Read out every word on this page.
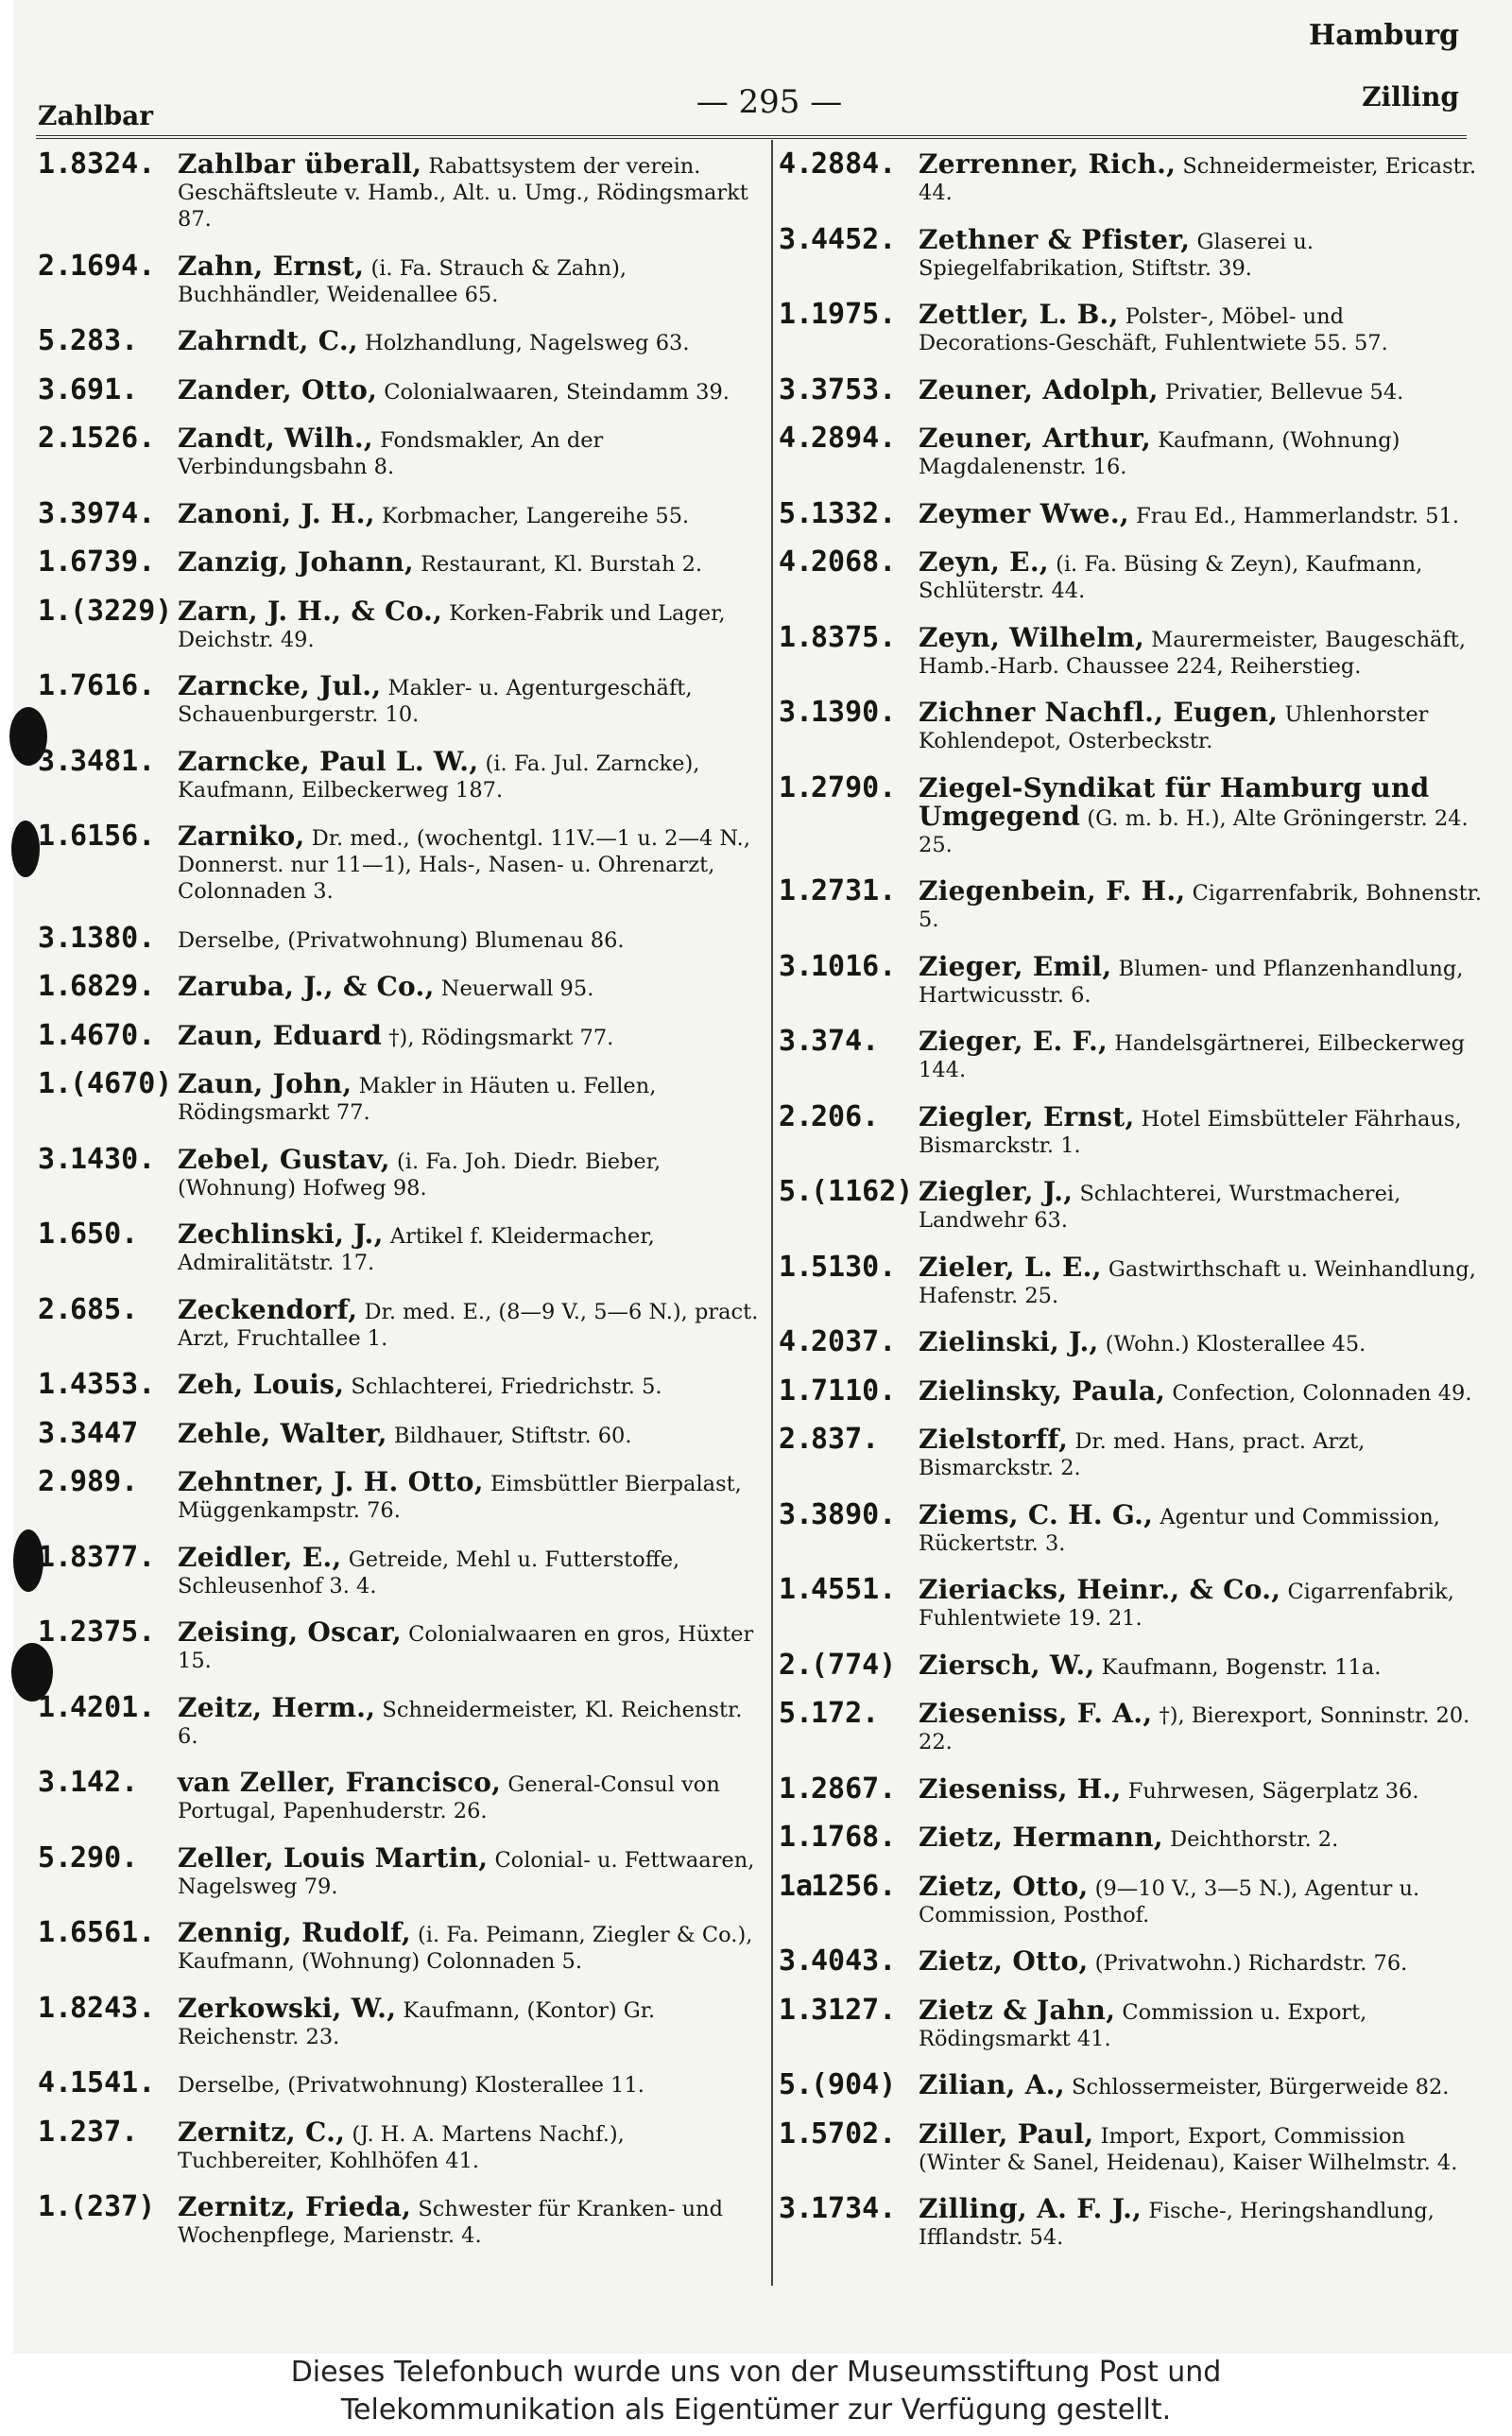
Zahlbar	— 295 —
Hamburg
Zilling
1.8324. Zahlbar überall, Rabattsystem der verein. Geschäftsleute v. Hamb., Alt. u. Umg., Rödingsmarkt 87.
2.1694. Zahn, Ernst, (i. Fa. Strauch & Zahn), Buchhändler, Weidenallee 65.
5.283. Zahrndt, C., Holzhandlung, Nagelsweg 63.
3.691. Zander, Otto, Colonialwaaren, Steindamm 39.
2.1526. Zandt, Wilh., Fondsmakler, An der Verbindungsbahn 8.
3.3974. Zanoni, J. H., Korbmacher, Langereihe 55.
1.6739. Zanzig, Johann, Restaurant, Kl. Burstah 2.
1.(3229) Zarn, J. H., & Co., Korken-Fabrik und Lager, Deichstr. 49.
1.7616. Zarncke, Jul., Makler- u. Agenturgeschäft, Schauenburgerstr. 10.
3.3481. Zarncke, Paul L. W., (i. Fa. Jul. Zarncke), Kaufmann, Eilbeckerweg 187.
1.6156. Zarniko, Dr. med., (wochentgl. 11V.—1 u. 2—4 N., Donnerst. nur 11—1), Hals-, Nasen- u. Ohrenarzt, Colonnaden 3.
3.1380. Derselbe, (Privatwohnung) Blumenau 86.
1.6829. Zaruba, J., & Co., Neuerwall 95.
1.4670. Zaun, Eduard †), Rödingsmarkt 77.
1.(4670) Zaun, John, Makler in Häuten u. Fellen, Rödingsmarkt 77.
3.1430. Zebel, Gustav, (i. Fa. Joh. Diedr. Bieber, (Wohnung) Hofweg 98.
1.650. Zechlinski, J., Artikel f. Kleidermacher, Admiralitätstr. 17.
2.685. Zeckendorf, Dr. med. E., (8—9 V., 5—6 N.), pract. Arzt, Fruchtallee 1.
1.4353. Zeh, Louis, Schlachterei, Friedrichstr. 5.
3.3447 Zehle, Walter, Bildhauer, Stiftstr. 60.
2.989. Zehntner, J. H. Otto, Eimsbüttler Bierpalast, Müggenkampstr. 76.
1.8377. Zeidler, E., Getreide, Mehl u. Futterstoffe, Schleusenhof 3. 4.
1.2375. Zeising, Oscar, Colonialwaaren en gros, Hüxter 15.
1.4201. Zeitz, Herm., Schneidermeister, Kl. Reichenstr. 6.
3.142. van Zeller, Francisco, General-Consul von Portugal, Papenhuderstr. 26.
5.290. Zeller, Louis Martin, Colonial- u. Fettwaaren, Nagelsweg 79.
1.6561. Zennig, Rudolf, (i. Fa. Peimann, Ziegler & Co.), Kaufmann, (Wohnung) Colonnaden 5.
1.8243. Zerkowski, W., Kaufmann, (Kontor) Gr. Reichenstr. 23.
4.1541. Derselbe, (Privatwohnung) Klosterallee 11.
1.237. Zernitz, C., (J. H. A. Martens Nachf.), Tuchbereiter, Kohlhöfen 41.
1.(237) Zernitz, Frieda, Schwester für Kranken- und Wochenpflege, Marienstr. 4.
4.2884. Zerrenner, Rich., Schneidermeister, Ericastr. 44.
3.4452. Zethner & Pfister, Glaserei u. Spiegelfabrikation, Stiftstr. 39.
1.1975. Zettler, L. B., Polster-, Möbel- und Decorations-Geschäft, Fuhlentwiete 55. 57.
3.3753. Zeuner, Adolph, Privatier, Bellevue 54.
4.2894. Zeuner, Arthur, Kaufmann, (Wohnung) Magdalenenstr. 16.
5.1332. Zeymer Wwe., Frau Ed., Hammerlandstr. 51.
4.2068. Zeyn, E., (i. Fa. Büsing & Zeyn), Kaufmann, Schlüterstr. 44.
1.8375. Zeyn, Wilhelm, Maurermeister, Baugeschäft, Hamb.-Harb. Chaussee 224, Reiherstieg.
3.1390. Zichner Nachfl., Eugen, Uhlenhorster Kohlendepot, Osterbeckstr.
1.2790. Ziegel-Syndikat für Hamburg und Umgegend (G. m. b. H.), Alte Gröningerstr. 24. 25.
1.2731. Ziegenbein, F. H., Cigarrenfabrik, Bohnenstr. 5.
3.1016. Zieger, Emil, Blumen- und Pflanzenhandlung, Hartwicusstr. 6.
3.374. Zieger, E. F., Handelsgärtnerei, Eilbeckerweg 144.
2.206. Ziegler, Ernst, Hotel Eimsbütteler Fährhaus, Bismarckstr. 1.
5.(1162) Ziegler, J., Schlachterei, Wurstmacherei, Landwehr 63.
1.5130. Zieler, L. E., Gastwirthschaft u. Weinhandlung, Hafenstr. 25.
4.2037. Zielinski, J., (Wohn.) Klosterallee 45.
1.7110. Zielinsky, Paula, Confection, Colonnaden 49.
2.837. Zielstorff, Dr. med. Hans, pract. Arzt, Bismarckstr. 2.
3.3890. Ziems, C. H. G., Agentur und Commission, Rückertstr. 3.
1.4551. Zieriacks, Heinr., & Co., Cigarrenfabrik, Fuhlentwiete 19. 21.
2.(774) Ziersch, W., Kaufmann, Bogenstr. 11a.
5.172. Zieseniss, F. A., †), Bierexport, Sonninstr. 20. 22.
1.2867. Zieseniss, H., Fuhrwesen, Sägerplatz 36.
1.1768. Zietz, Hermann, Deichthorstr. 2.
1a1256. Zietz, Otto, (9—10 V., 3—5 N.), Agentur u. Commission, Posthof.
3.4043. Zietz, Otto, (Privatwohn.) Richardstr. 76.
1.3127. Zietz & Jahn, Commission u. Export, Rödingsmarkt 41.
5.(904) Zilian, A., Schlossermeister, Bürgerweide 82.
1.5702. Ziller, Paul, Import, Export, Commission (Winter & Sanel, Heidenau), Kaiser Wilhelmstr. 4.
3.1734. Zilling, A. F. J., Fische-, Heringshandlung, Ifflandstr. 54.
Dieses Telefonbuch wurde uns von der Museumsstiftung Post und
Telekommunikation als Eigentümer zur Verfügung gestellt.
